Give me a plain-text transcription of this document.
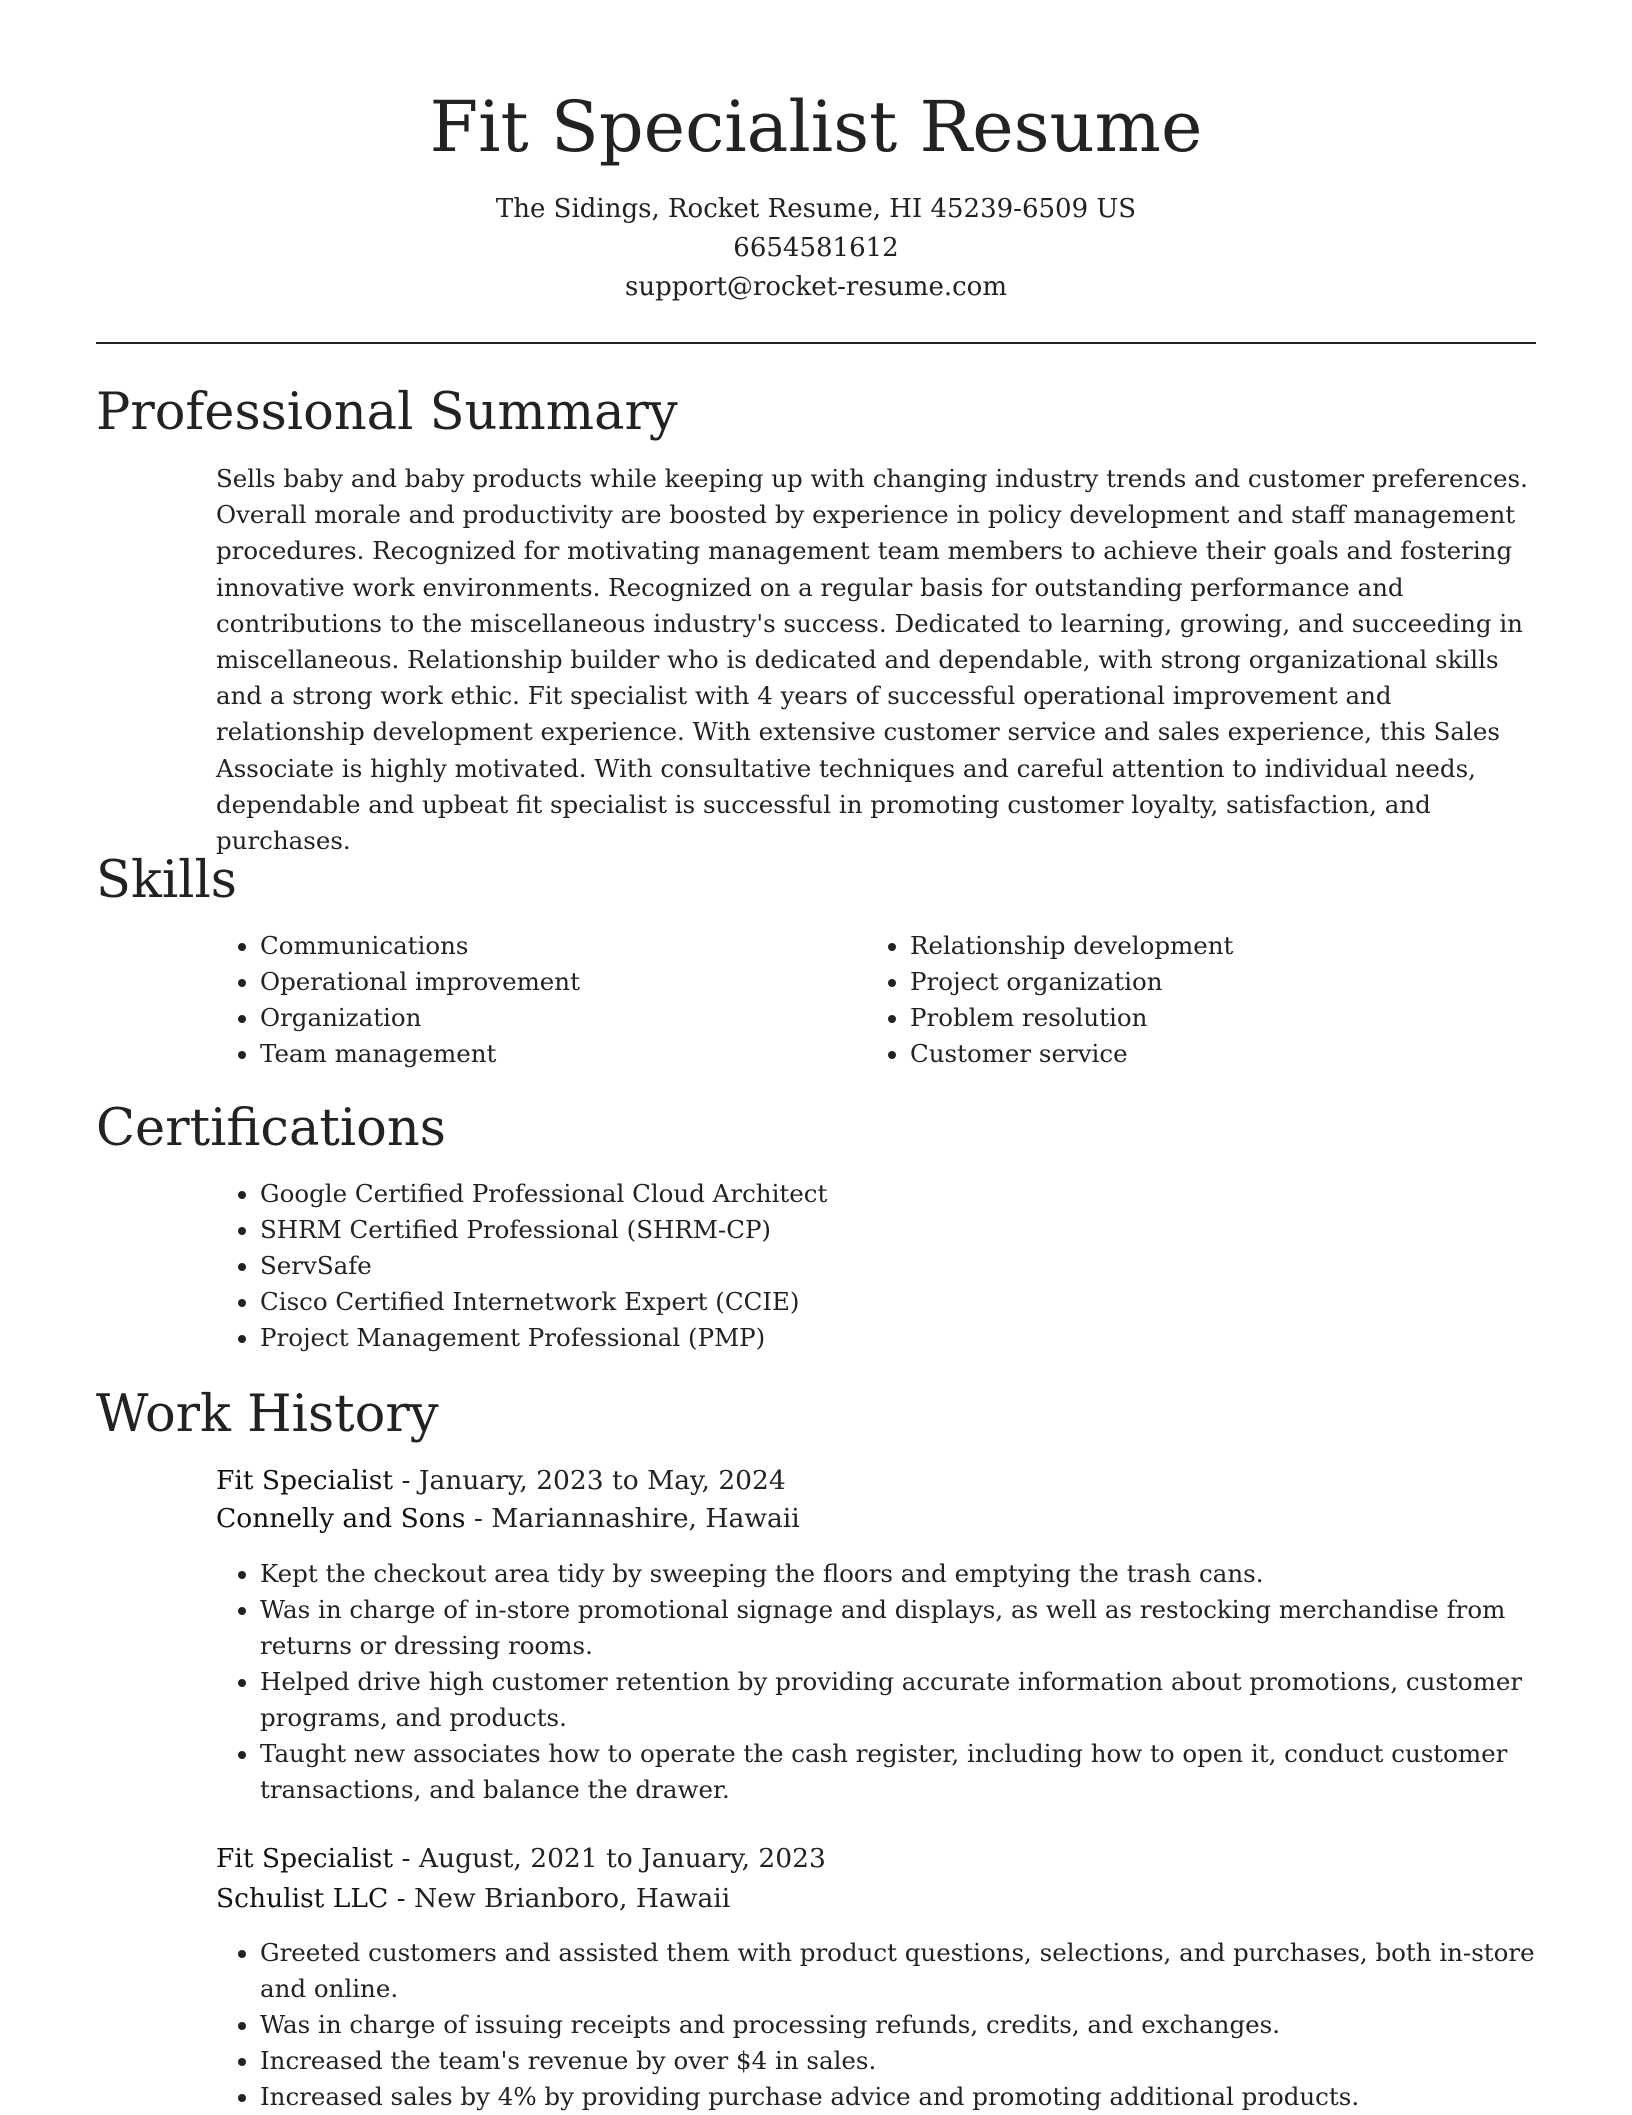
Fit Specialist Resume
The Sidings, Rocket Resume, HI 45239-6509 US
6654581612
support@rocket-resume.com
Professional Summary

Sells baby and baby products while keeping up with changing industry trends and customer preferences. Overall morale and productivity are boosted by experience in policy development and staff management procedures. Recognized for motivating management team members to achieve their goals and fostering innovative work environments. Recognized on a regular basis for outstanding performance and contributions to the miscellaneous industry's success. Dedicated to learning, growing, and succeeding in miscellaneous. Relationship builder who is dedicated and dependable, with strong organizational skills and a strong work ethic. Fit specialist with 4 years of successful operational improvement and relationship development experience. With extensive customer service and sales experience, this Sales Associate is highly motivated. With consultative techniques and careful attention to individual needs, dependable and upbeat fit specialist is successful in promoting customer loyalty, satisfaction, and purchases.

Skills
• Communications
• Operational improvement
• Organization
• Team management
• Relationship development
• Project organization
• Problem resolution
• Customer service
Certifications
• Google Certified Professional Cloud Architect
• SHRM Certified Professional (SHRM-CP)
• ServSafe
• Cisco Certified Internetwork Expert (CCIE)
• Project Management Professional (PMP)
Work History
Fit Specialist - January, 2023 to May, 2024
Connelly and Sons - Mariannashire, Hawaii
• Kept the checkout area tidy by sweeping the floors and emptying the trash cans.
• Was in charge of in-store promotional signage and displays, as well as restocking merchandise from returns or dressing rooms.
• Helped drive high customer retention by providing accurate information about promotions, customer programs, and products.
• Taught new associates how to operate the cash register, including how to open it, conduct customer transactions, and balance the drawer.
Fit Specialist - August, 2021 to January, 2023
Schulist LLC - New Brianboro, Hawaii
• Greeted customers and assisted them with product questions, selections, and purchases, both in-store and online.
• Was in charge of issuing receipts and processing refunds, credits, and exchanges.
• Increased the team's revenue by over $4 in sales.
• Increased sales by 4% by providing purchase advice and promoting additional products.
